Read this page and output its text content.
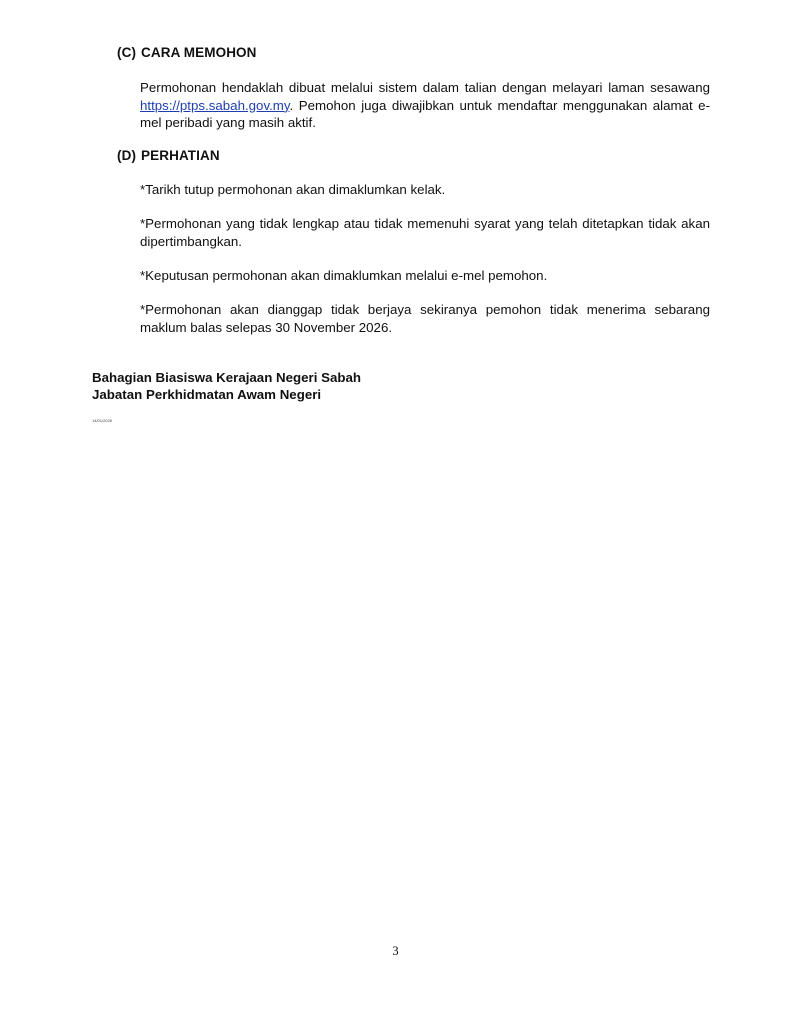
(C) CARA MEMOHON
Permohonan hendaklah dibuat melalui sistem dalam talian dengan melayari laman sesawang https://ptps.sabah.gov.my. Pemohon juga diwajibkan untuk mendaftar menggunakan alamat e-mel peribadi yang masih aktif.
(D) PERHATIAN
*Tarikh tutup permohonan akan dimaklumkan kelak.
*Permohonan yang tidak lengkap atau tidak memenuhi syarat yang telah ditetapkan tidak akan dipertimbangkan.
*Keputusan permohonan akan dimaklumkan melalui e-mel pemohon.
*Permohonan akan dianggap tidak berjaya sekiranya pemohon tidak menerima sebarang maklum balas selepas 30 November 2026.
Bahagian Biasiswa Kerajaan Negeri Sabah
Jabatan Perkhidmatan Awam Negeri
14/01/2026
3
